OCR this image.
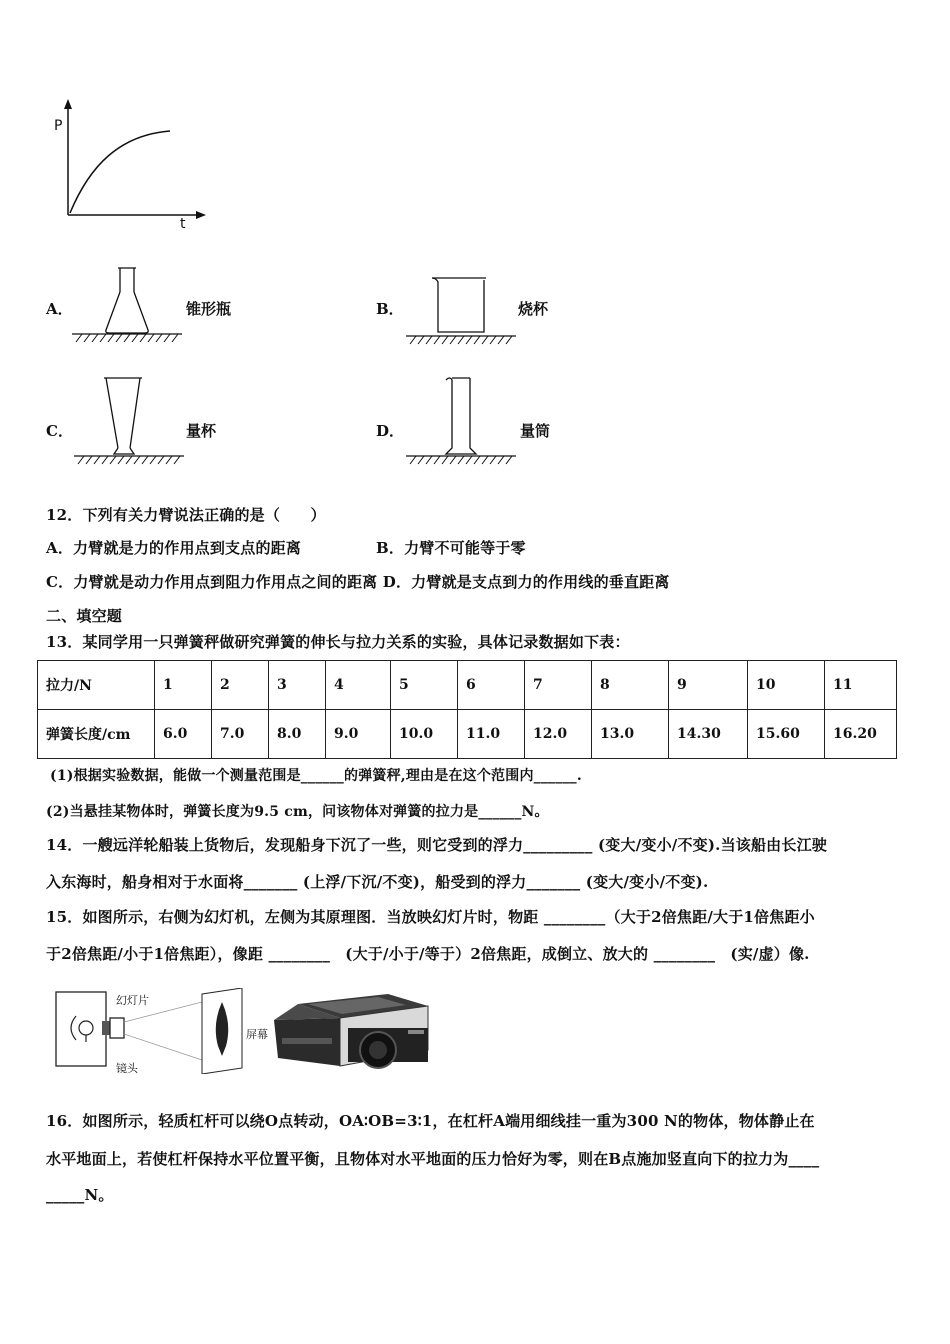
P
t
A．	锥形瓶	B．	烧杯
C．	量杯	D．	量筒
12．下列有关力臂说法正确的是（　　）
A．力臂就是力的作用点到支点的距离	B．力臂不可能等于零
C．力臂就是动力作用点到阻力作用点之间的距离 D．力臂就是支点到力的作用线的垂直距离
二、填空题
13．某同学用一只弹簧秤做研究弹簧的伸长与拉力关系的实验，具体记录数据如下表：
拉力/N	1	2	3	4	5	6	7	8	9	10	11
弹簧长度/cm	6.0	7.0	8.0	9.0	10.0	11.0	12.0	13.0	14.30	15.60	16.20
(1)根据实验数据，能做一个测量范围是______的弹簧秤,理由是在这个范围内______.
(2)当悬挂某物体时，弹簧长度为9.5 cm，问该物体对弹簧的拉力是______N。
14．一艘远洋轮船装上货物后，发现船身下沉了一些，则它受到的浮力_________ (变大/变小/不变).当该船由长江驶
入东海时，船身相对于水面将_______ (上浮/下沉/不变)，船受到的浮力_______ (变大/变小/不变).
15．如图所示，右侧为幻灯机，左侧为其原理图．当放映幻灯片时，物距 ________（大于2倍焦距/大于1倍焦距小
于2倍焦距/小于1倍焦距），像距 ________　(大于/小于/等于）2倍焦距，成倒立、放大的 ________　(实/虚）像.
幻灯片
镜头
屏幕
16．如图所示，轻质杠杆可以绕O点转动，OA∶OB=3∶1，在杠杆A端用细线挂一重为300 N的物体，物体静止在
水平地面上，若使杠杆保持水平位置平衡，且物体对水平地面的压力恰好为零，则在B点施加竖直向下的拉力为____
_____N。
